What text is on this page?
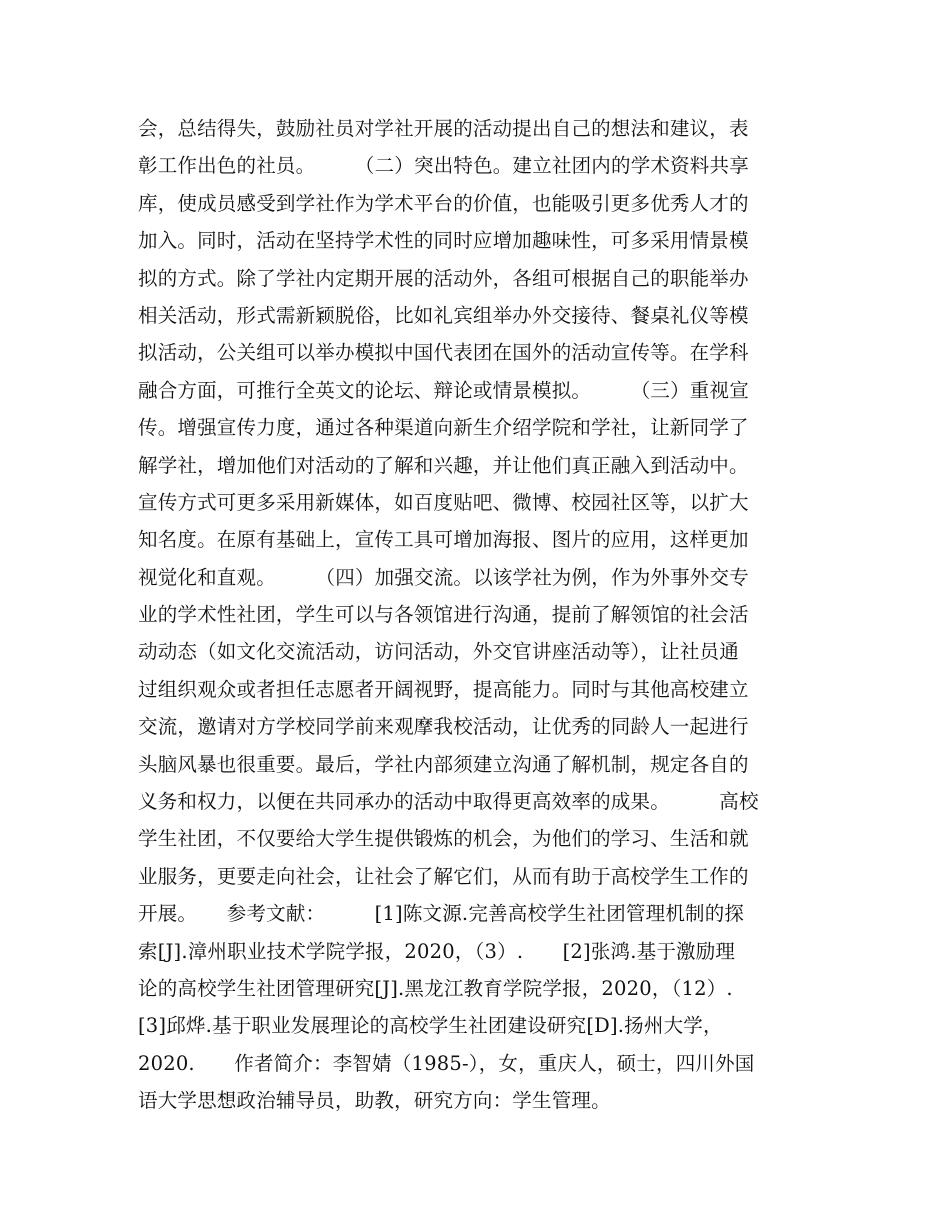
会，总结得失，鼓励社员对学社开展的活动提出自己的想法和建议，表
彰工作出色的社员。　　　（二）突出特色。建立社团内的学术资料共享
库，使成员感受到学社作为学术平台的价值，也能吸引更多优秀人才的
加入。同时，活动在坚持学术性的同时应增加趣味性，可多采用情景模
拟的方式。除了学社内定期开展的活动外，各组可根据自己的职能举办
相关活动，形式需新颖脱俗，比如礼宾组举办外交接待、餐桌礼仪等模
拟活动，公关组可以举办模拟中国代表团在国外的活动宣传等。在学科
融合方面，可推行全英文的论坛、辩论或情景模拟。　　　（三）重视宣
传。增强宣传力度，通过各种渠道向新生介绍学院和学社，让新同学了
解学社，增加他们对活动的了解和兴趣，并让他们真正融入到活动中。
宣传方式可更多采用新媒体，如百度贴吧、微博、校园社区等，以扩大
知名度。在原有基础上，宣传工具可增加海报、图片的应用，这样更加
视觉化和直观。　　　（四）加强交流。以该学社为例，作为外事外交专
业的学术性社团，学生可以与各领馆进行沟通，提前了解领馆的社会活
动动态（如文化交流活动，访问活动，外交官讲座活动等），让社员通
过组织观众或者担任志愿者开阔视野，提高能力。同时与其他高校建立
交流，邀请对方学校同学前来观摩我校活动，让优秀的同龄人一起进行
头脑风暴也很重要。最后，学社内部须建立沟通了解机制，规定各自的
义务和权力，以便在共同承办的活动中取得更高效率的成果。　　　高校
学生社团，不仅要给大学生提供锻炼的机会，为他们的学习、生活和就
业服务，更要走向社会，让社会了解它们，从而有助于高校学生工作的
开展。　　参考文献：　　　[1]陈文源.完善高校学生社团管理机制的探
索[J].漳州职业技术学院学报，2020，（3）.　　[2]张鸿.基于激励理
论的高校学生社团管理研究[J].黑龙江教育学院学报，2020，（12）.
[3]邱烨.基于职业发展理论的高校学生社团建设研究[D].扬州大学，
2020.　　作者简介：李智婧（1985-），女，重庆人，硕士，四川外国
语大学思想政治辅导员，助教，研究方向：学生管理。
